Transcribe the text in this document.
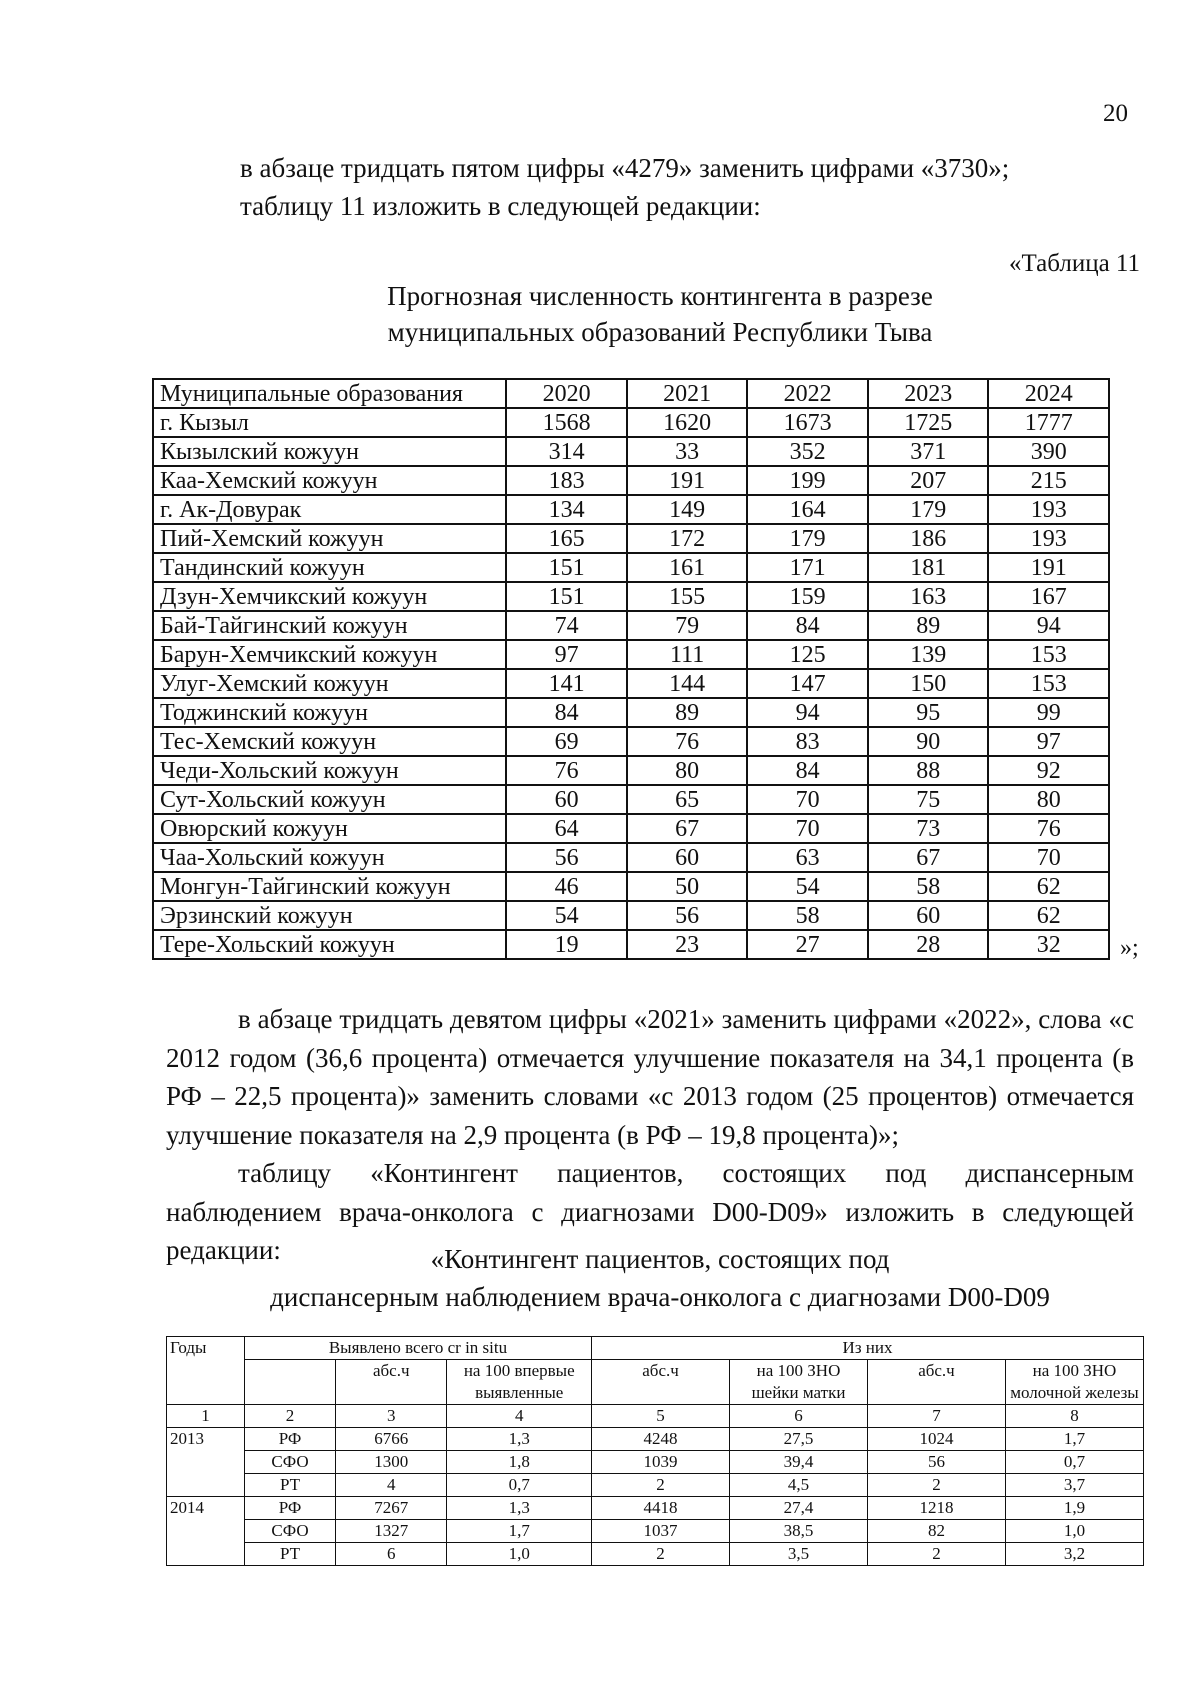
20
в абзаце тридцать пятом цифры «4279» заменить цифрами «3730»;
таблицу 11 изложить в следующей редакции:
«Таблица 11
Прогнозная численность контингента в разрезе
муниципальных образований Республики Тыва
Муниципальные образования	2020	2021	2022	2023	2024
г. Кызыл	1568	1620	1673	1725	1777
Кызылский кожуун	314	33	352	371	390
Каа-Хемский кожуун	183	191	199	207	215
г. Ак-Довурак	134	149	164	179	193
Пий-Хемский кожуун	165	172	179	186	193
Тандинский кожуун	151	161	171	181	191
Дзун-Хемчикский кожуун	151	155	159	163	167
Бай-Тайгинский кожуун	74	79	84	89	94
Барун-Хемчикский кожуун	97	111	125	139	153
Улуг-Хемский кожуун	141	144	147	150	153
Тоджинский кожуун	84	89	94	95	99
Тес-Хемский кожуун	69	76	83	90	97
Чеди-Хольский кожуун	76	80	84	88	92
Сут-Хольский кожуун	60	65	70	75	80
Овюрский кожуун	64	67	70	73	76
Чаа-Хольский кожуун	56	60	63	67	70
Монгун-Тайгинский кожуун	46	50	54	58	62
Эрзинский кожуун	54	56	58	60	62
Тере-Хольский кожуун	19	23	27	28	32 »;
в абзаце тридцать девятом цифры «2021» заменить цифрами «2022», слова «с 2012 годом (36,6 процента) отмечается улучшение показателя на 34,1 процента (в РФ – 22,5 процента)» заменить словами «с 2013 годом (25 процентов) отмечается улучшение показателя на 2,9 процента (в РФ – 19,8 процента)»;
таблицу «Контингент пациентов, состоящих под диспансерным наблюдением врача-онколога с диагнозами D00-D09» изложить в следующей редакции:	«Контингент пациентов, состоящих под
диспансерным наблюдением врача-онколога с диагнозами D00-D09
Годы	Выявлено всего cr in situ			Из них			
		абс.ч	на 100 впервые выявленные	абс.ч	на 100 ЗНО шейки матки	абс.ч	на 100 ЗНО молочной железы
1	2	3	4	5	6	7	8
2013	РФ	6766	1,3	4248	27,5	1024	1,7
	СФО	1300	1,8	1039	39,4	56	0,7
	РТ	4	0,7	2	4,5	2	3,7
2014	РФ	7267	1,3	4418	27,4	1218	1,9
	СФО	1327	1,7	1037	38,5	82	1,0
	РТ	6	1,0	2	3,5	2	3,2
